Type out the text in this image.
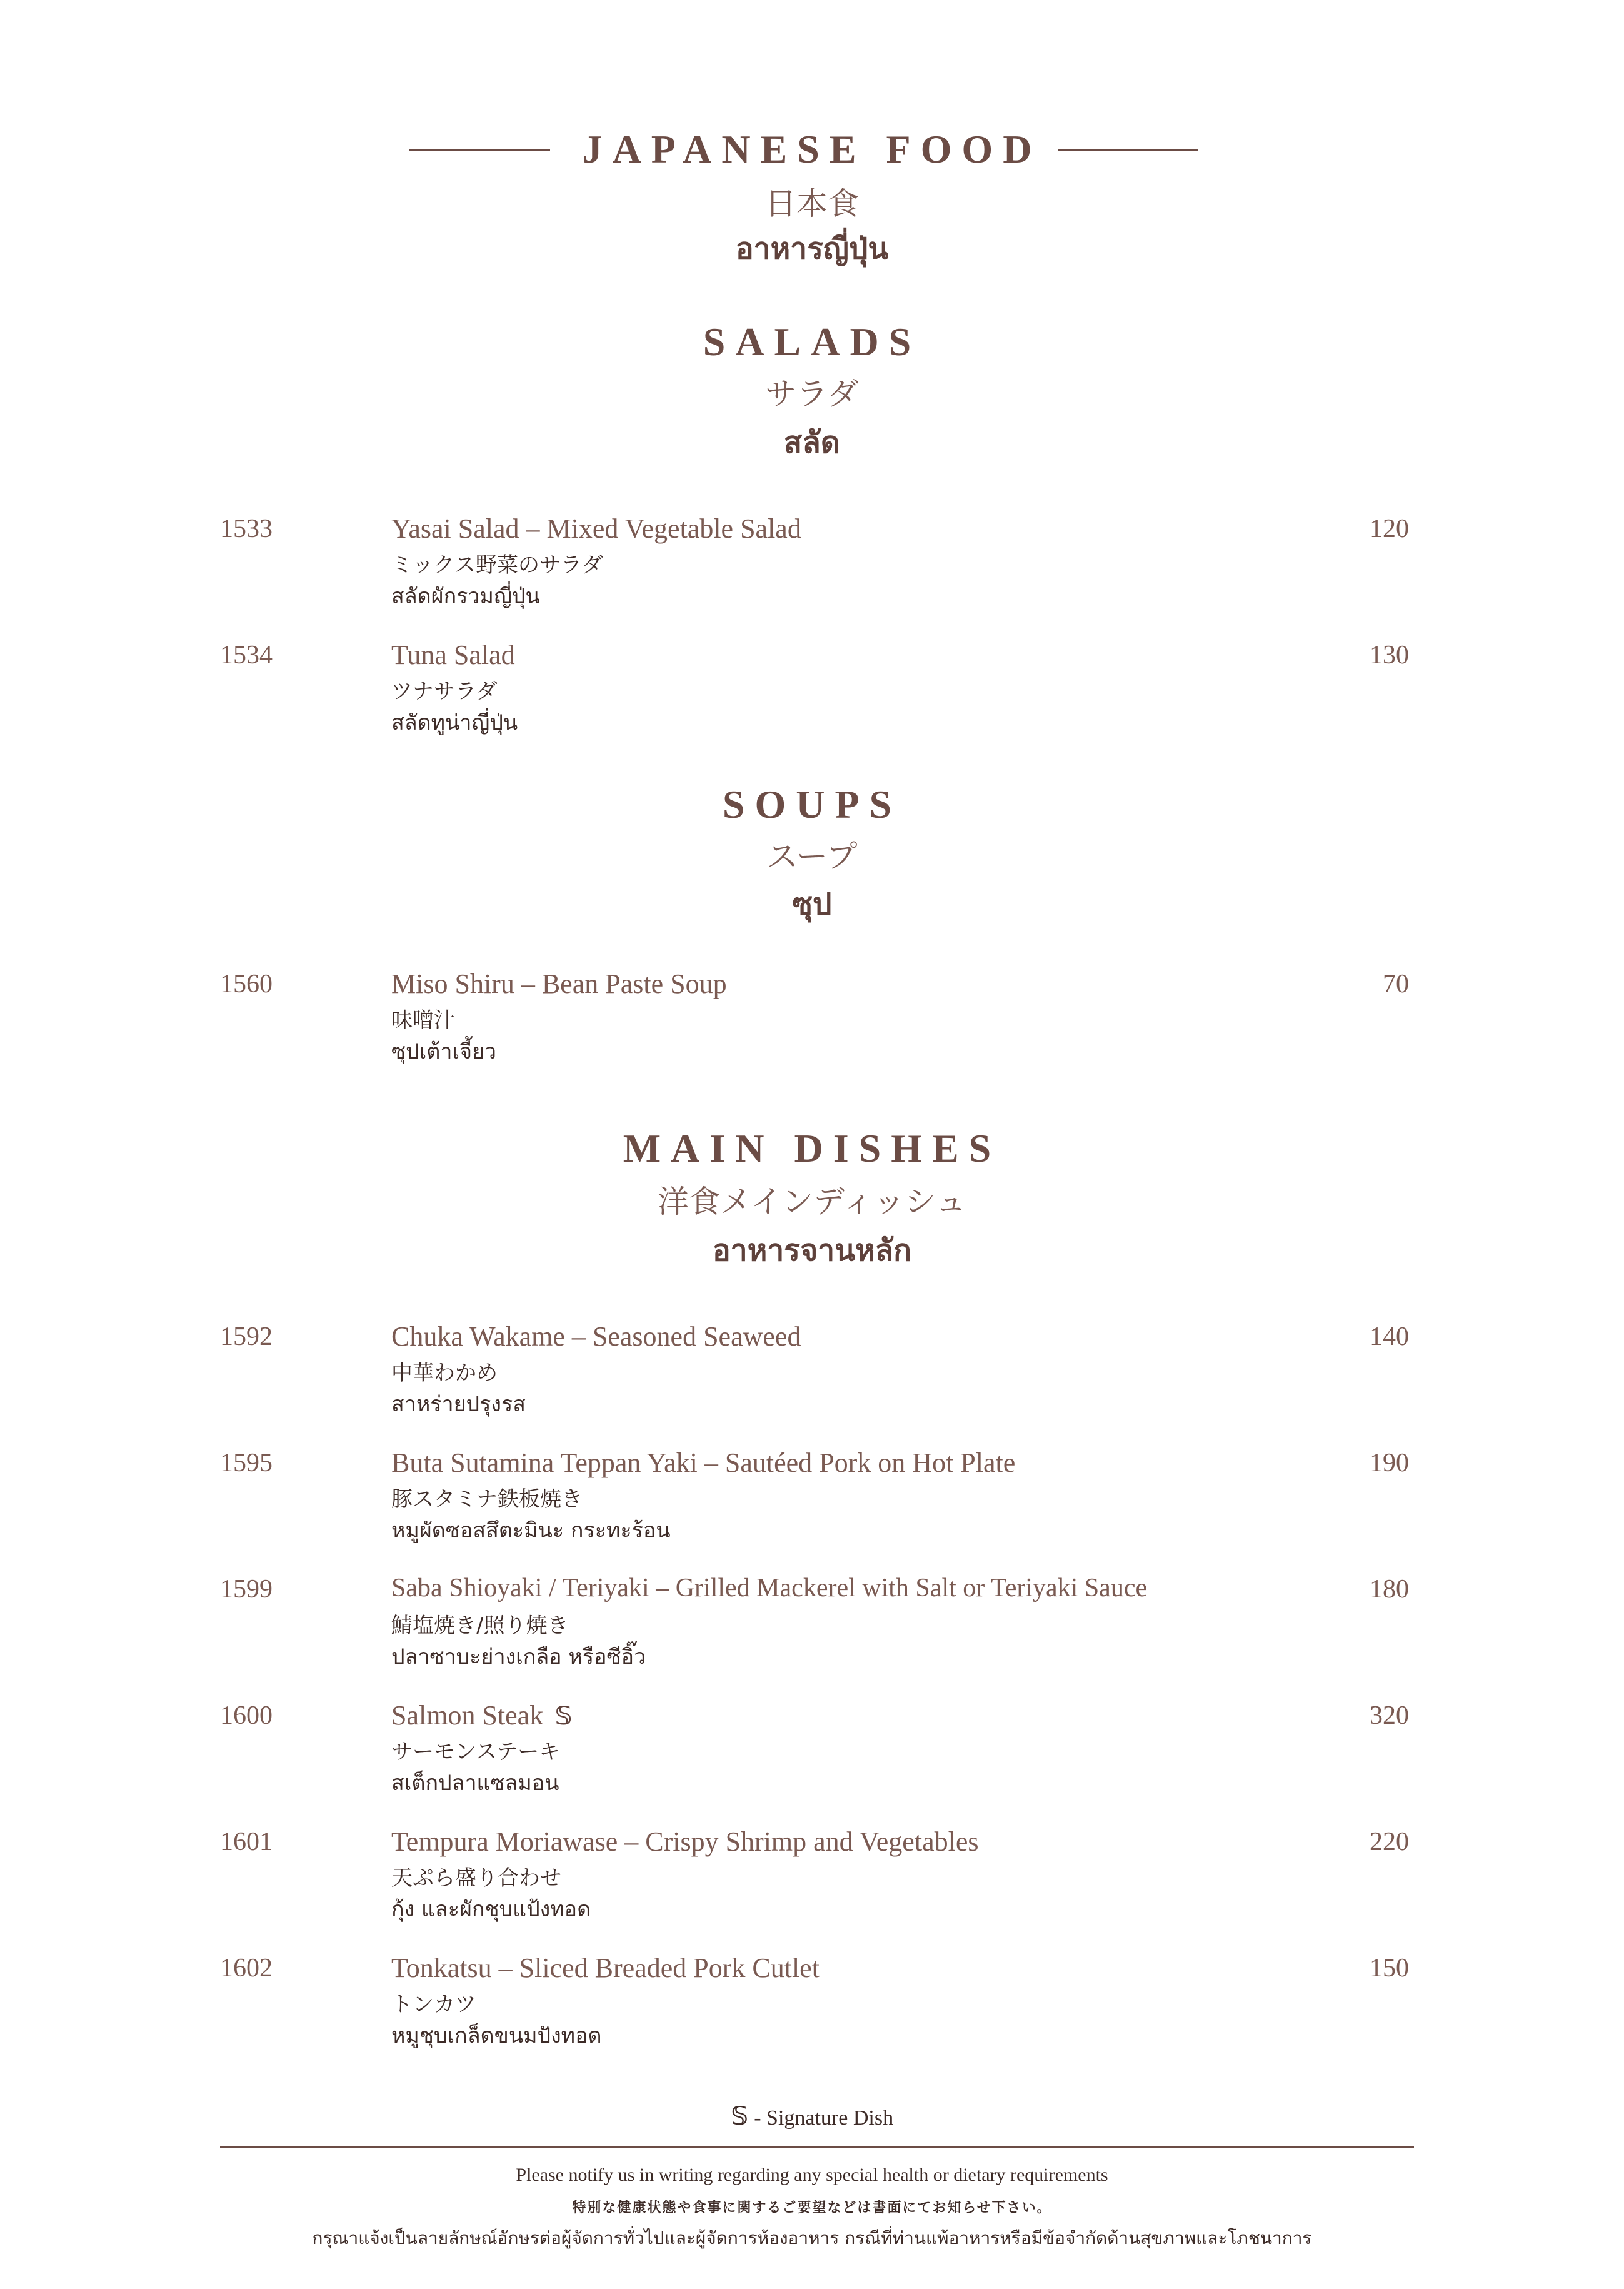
JAPANESE FOOD
日本食
อาหารญี่ปุ่น
SALADS
サラダ
สลัด
1533	Yasai Salad – Mixed Vegetable Salad	120
ミックス野菜のサラダ
สลัดผักรวมญี่ปุ่น
1534	Tuna Salad	130
ツナサラダ
สลัดทูน่าญี่ปุ่น
SOUPS
スープ
ซุป
1560	Miso Shiru – Bean Paste Soup	70
味噌汁
ซุปเต้าเจี้ยว
MAIN DISHES
洋食メインディッシュ
อาหารจานหลัก
1592	Chuka Wakame – Seasoned Seaweed	140
中華わかめ
สาหร่ายปรุงรส
1595	Buta Sutamina Teppan Yaki – Sautéed Pork on Hot Plate	190
豚スタミナ鉄板焼き
หมูผัดซอสสึตะมินะ กระทะร้อน
1599	Saba Shioyaki / Teriyaki – Grilled Mackerel with Salt or Teriyaki Sauce	180
鯖塩焼き/照り焼き
ปลาซาบะย่างเกลือ หรือซีอิ๊ว
1600	Salmon Steak 𝕊	320
サーモンステーキ
สเต็กปลาแซลมอน
1601	Tempura Moriawase – Crispy Shrimp and Vegetables	220
天ぷら盛り合わせ
กุ้ง และผักชุบแป้งทอด
1602	Tonkatsu – Sliced Breaded Pork Cutlet	150
トンカツ
หมูชุบเกล็ดขนมปังทอด
𝕊 - Signature Dish
Please notify us in writing regarding any special health or dietary requirements
特別な健康状態や食事に関するご要望などは書面にてお知らせ下さい。
กรุณาแจ้งเป็นลายลักษณ์อักษรต่อผู้จัดการทั่วไปและผู้จัดการห้องอาหาร กรณีที่ท่านแพ้อาหารหรือมีข้อจำกัดด้านสุขภาพและโภชนาการ
